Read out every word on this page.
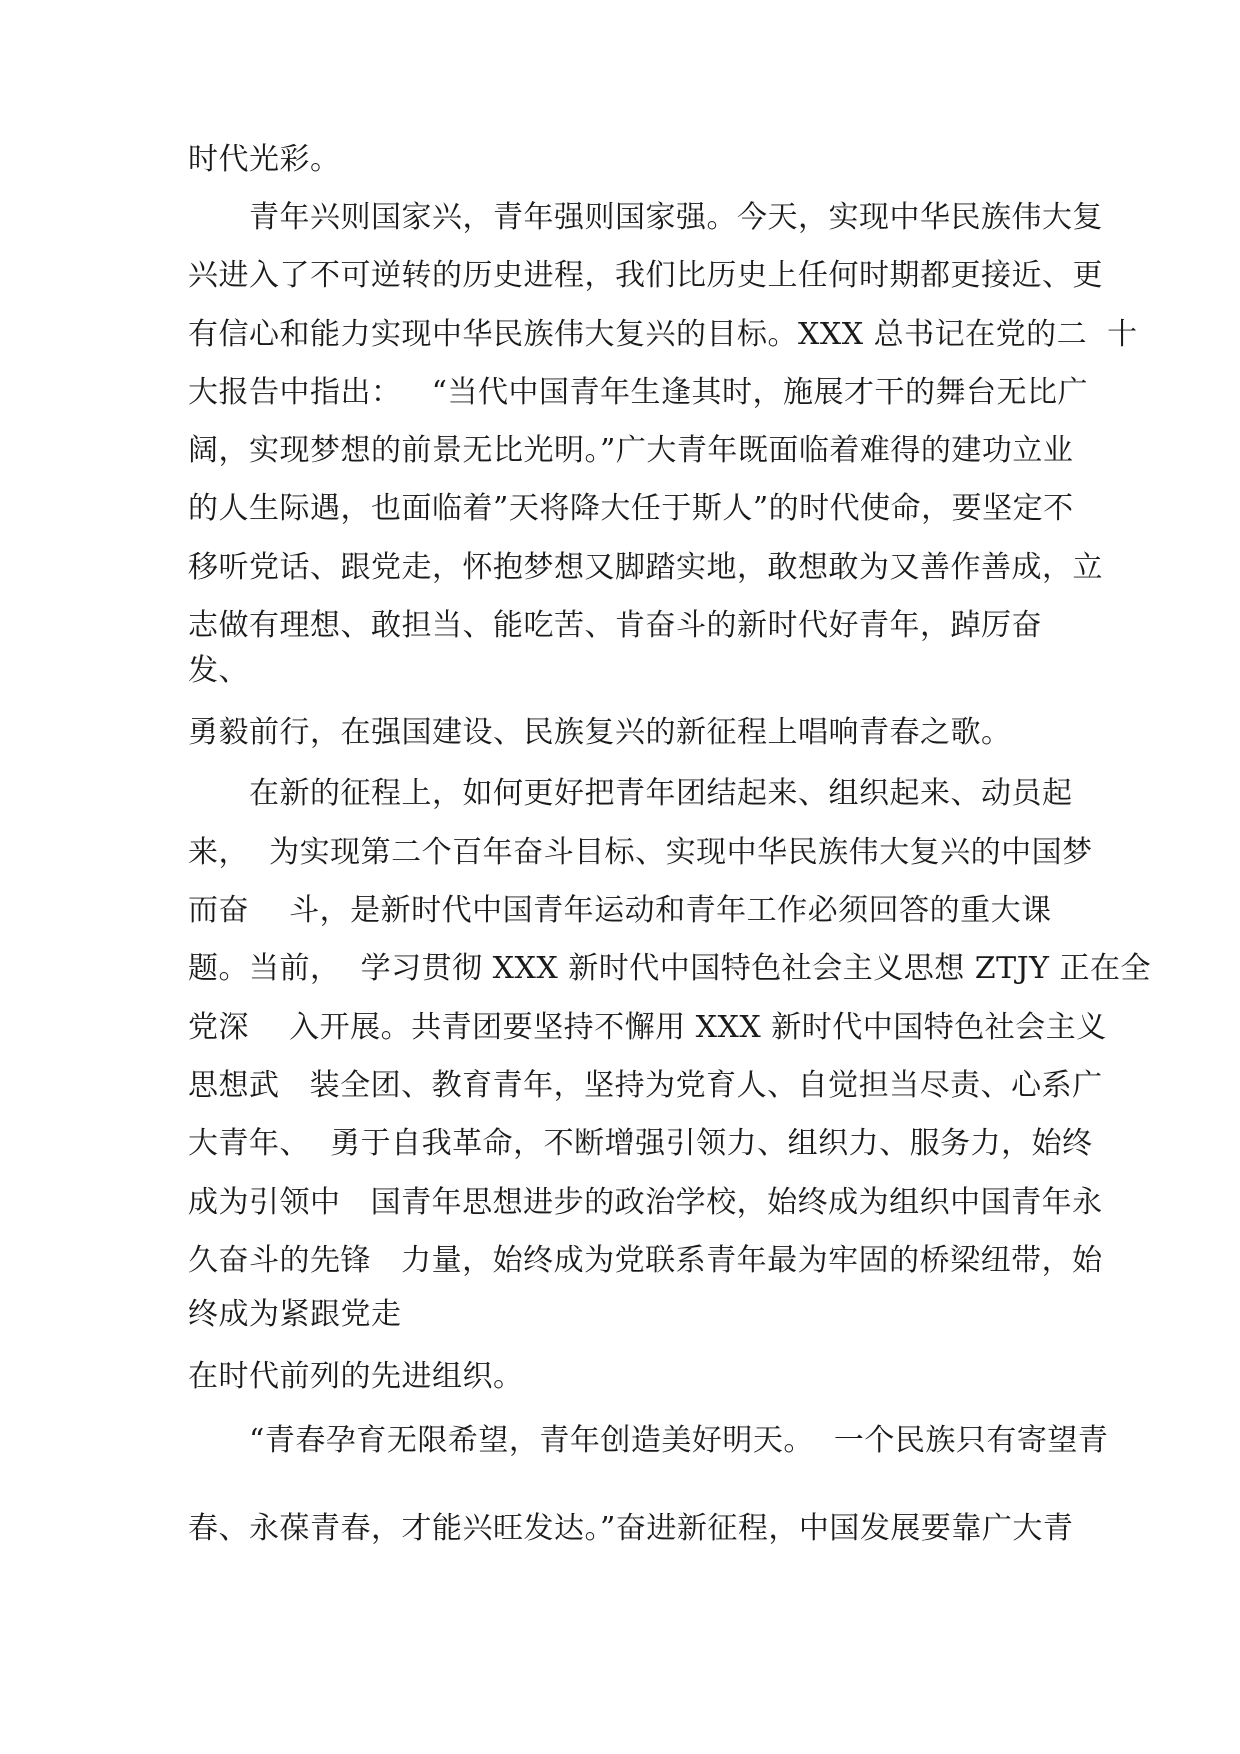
时代光彩。
　　青年兴则国家兴，青年强则国家强。今天，实现中华民族伟大复
兴进入了不可逆转的历史进程，我们比历史上任何时期都更接近、更
有信心和能力实现中华民族伟大复兴的目标。XXX 总书记在党的二  十
大报告中指出：   “当代中国青年生逢其时，施展才干的舞台无比广
阔，实现梦想的前景无比光明。”广大青年既面临着难得的建功立业
的人生际遇，也面临着”天将降大任于斯人”的时代使命，要坚定不
移听党话、跟党走，怀抱梦想又脚踏实地，敢想敢为又善作善成，立
志做有理想、敢担当、能吃苦、肯奋斗的新时代好青年，踔厉奋
发、
勇毅前行，在强国建设、民族复兴的新征程上唱响青春之歌。
　　在新的征程上，如何更好把青年团结起来、组织起来、动员起
来，  为实现第二个百年奋斗目标、实现中华民族伟大复兴的中国梦
而奋    斗，是新时代中国青年运动和青年工作必须回答的重大课
题。当前，  学习贯彻 XXX 新时代中国特色社会主义思想 ZTJY 正在全
党深    入开展。共青团要坚持不懈用 XXX 新时代中国特色社会主义
思想武   装全团、教育青年，坚持为党育人、自觉担当尽责、心系广
大青年、  勇于自我革命，不断增强引领力、组织力、服务力，始终
成为引领中   国青年思想进步的政治学校，始终成为组织中国青年永
久奋斗的先锋   力量，始终成为党联系青年最为牢固的桥梁纽带，始
终成为紧跟党走
在时代前列的先进组织。
　　“青春孕育无限希望，青年创造美好明天。  一个民族只有寄望青
春、永葆青春，才能兴旺发达。”奋进新征程，中国发展要靠广大青
